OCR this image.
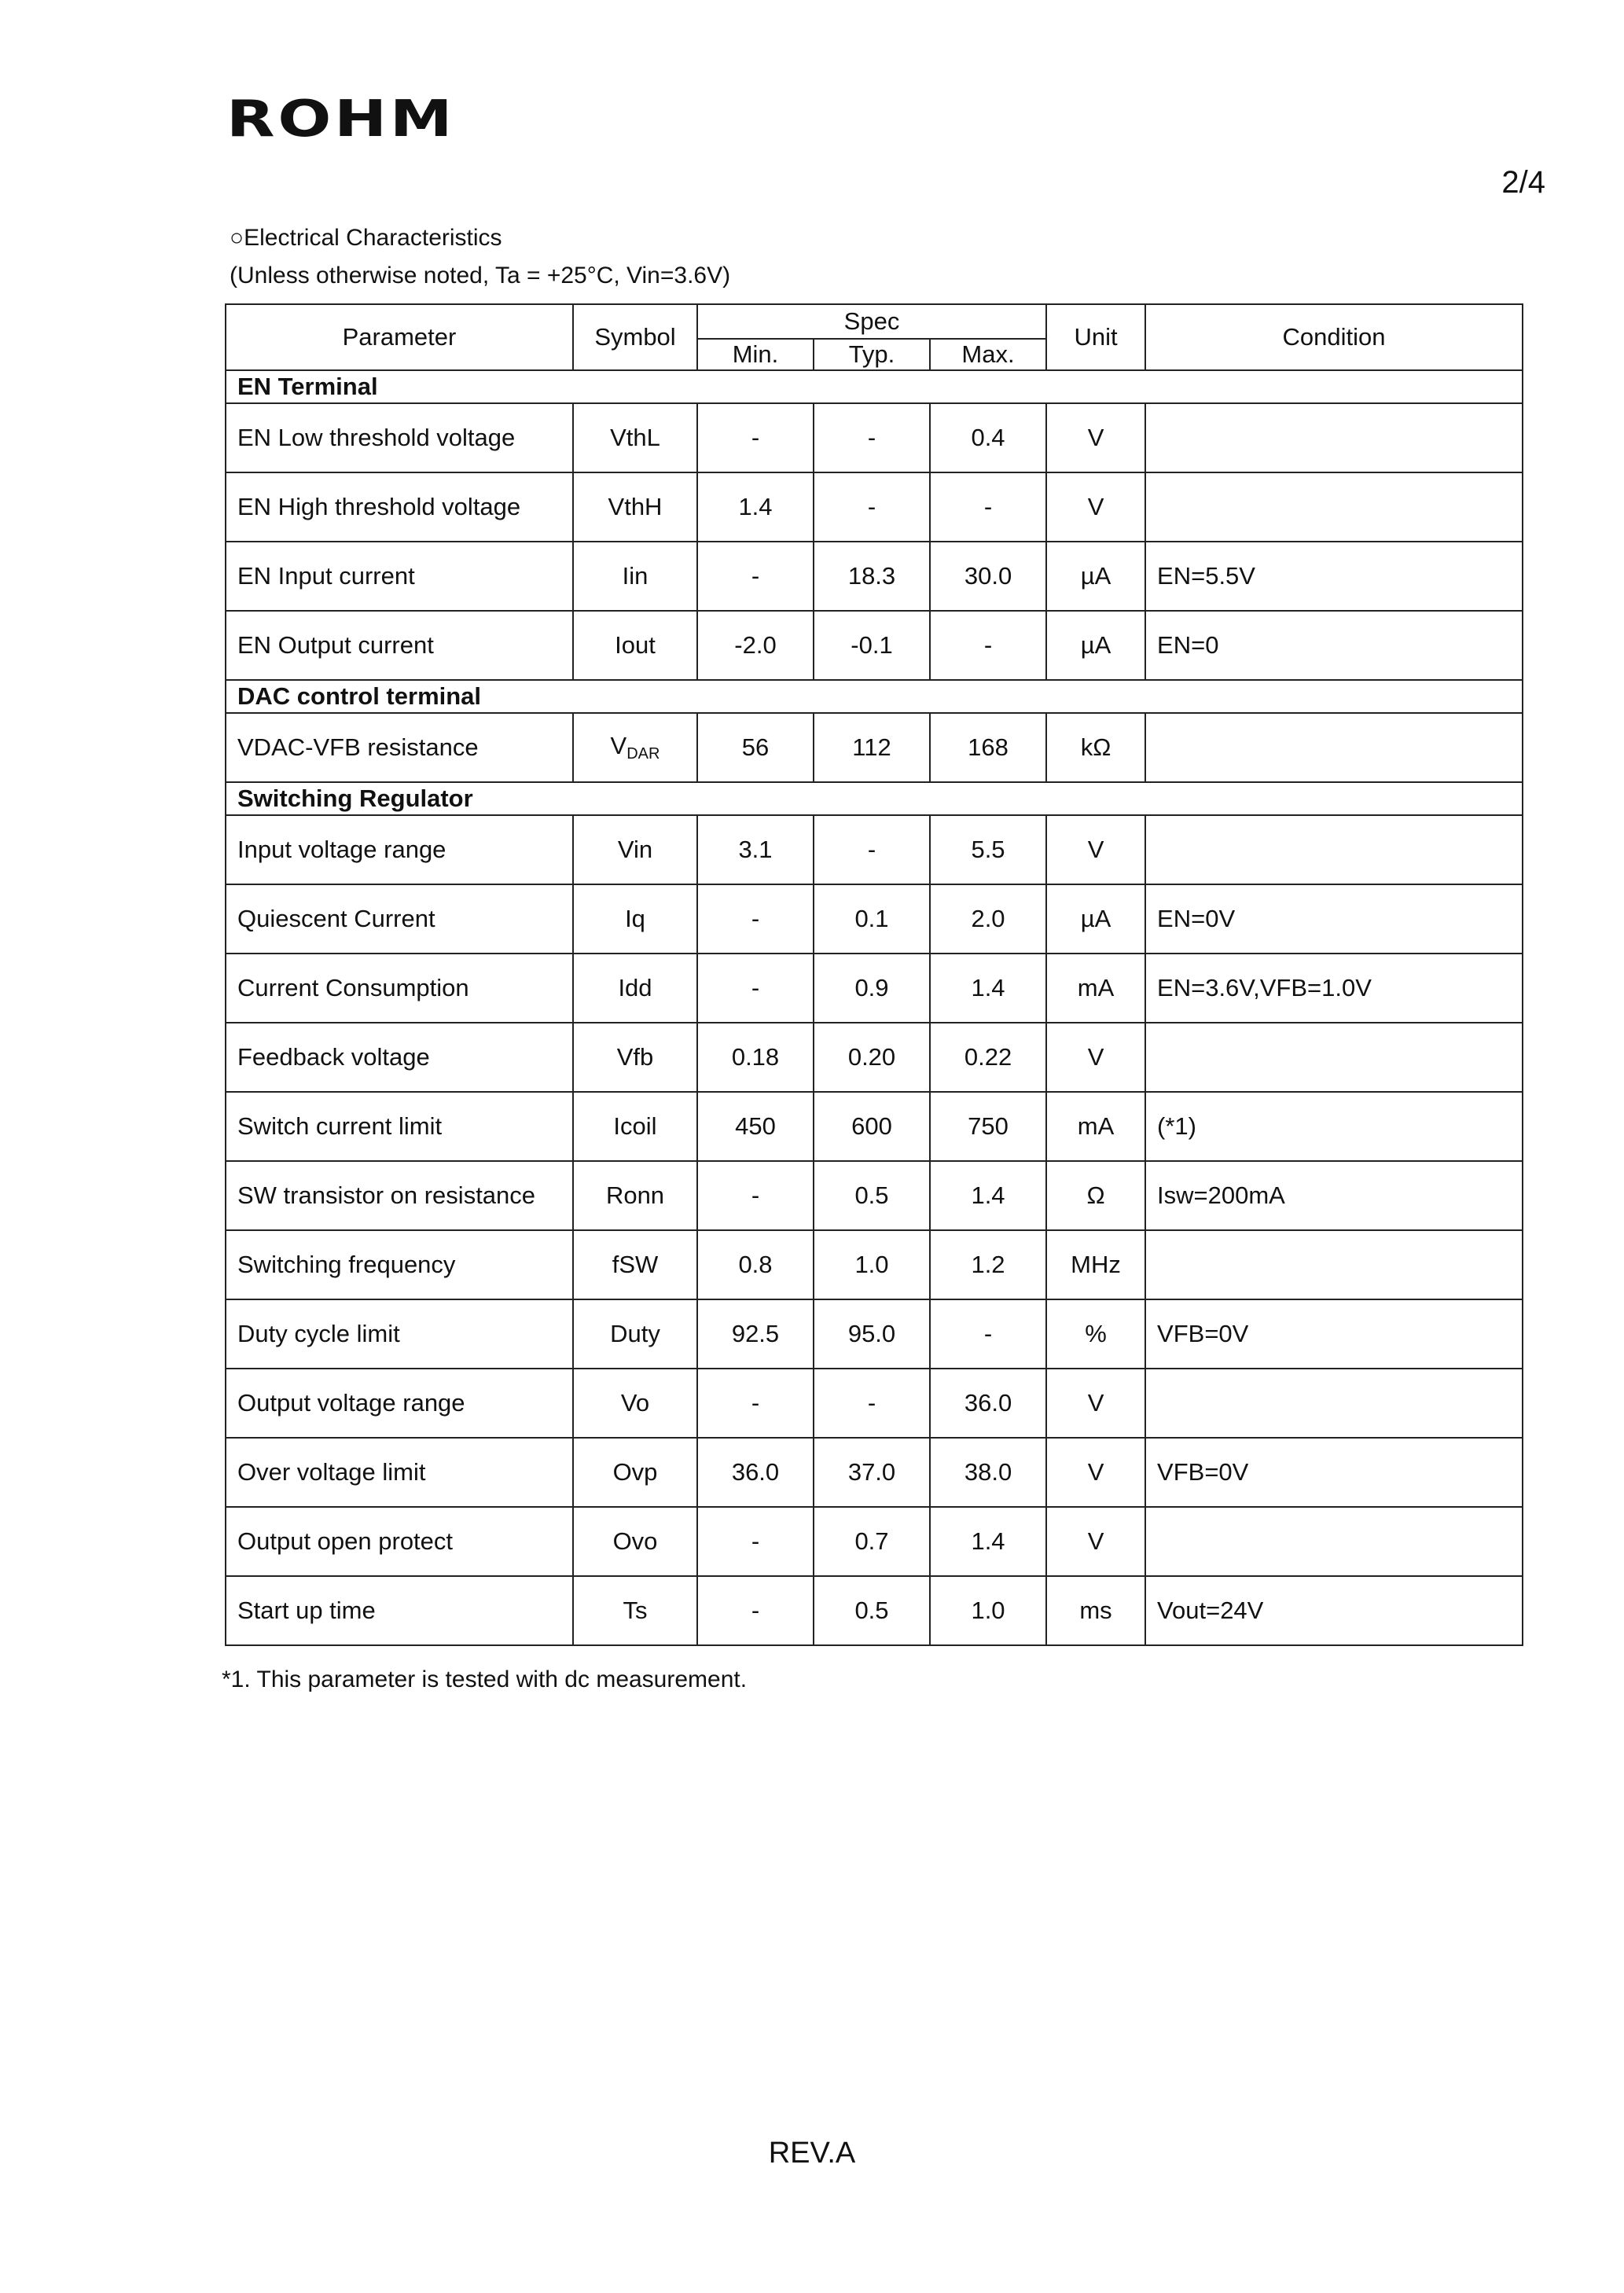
ROHM
2/4
○Electrical Characteristics
(Unless otherwise noted, Ta = +25°C, Vin=3.6V)
Parameter	Symbol	Spec			Unit	Condition
		Min.	Typ.	Max.		
EN Terminal						
EN Low threshold voltage	VthL	-	-	0.4	V	
EN High threshold voltage	VthH	1.4	-	-	V	
EN Input current	Iin	-	18.3	30.0	µA	EN=5.5V
EN Output current	Iout	-2.0	-0.1	-	µA	EN=0
DAC control terminal						
VDAC-VFB resistance	$V_{DAR}$	56	112	168	kΩ	
Switching Regulator						
Input voltage range	Vin	3.1	-	5.5	V	
Quiescent Current	Iq	-	0.1	2.0	µA	EN=0V
Current Consumption	Idd	-	0.9	1.4	mA	EN=3.6V,VFB=1.0V
Feedback voltage	Vfb	0.18	0.20	0.22	V	
Switch current limit	Icoil	450	600	750	mA	(*1)
SW transistor on resistance	Ronn	-	0.5	1.4	Ω	Isw=200mA
Switching frequency	fSW	0.8	1.0	1.2	MHz	
Duty cycle limit	Duty	92.5	95.0	-	%	VFB=0V
Output voltage range	Vo	-	-	36.0	V	
Over voltage limit	Ovp	36.0	37.0	38.0	V	VFB=0V
Output open protect	Ovo	-	0.7	1.4	V	
Start up time	Ts	-	0.5	1.0	ms	Vout=24V
*1. This parameter is tested with dc measurement.
REV.A
